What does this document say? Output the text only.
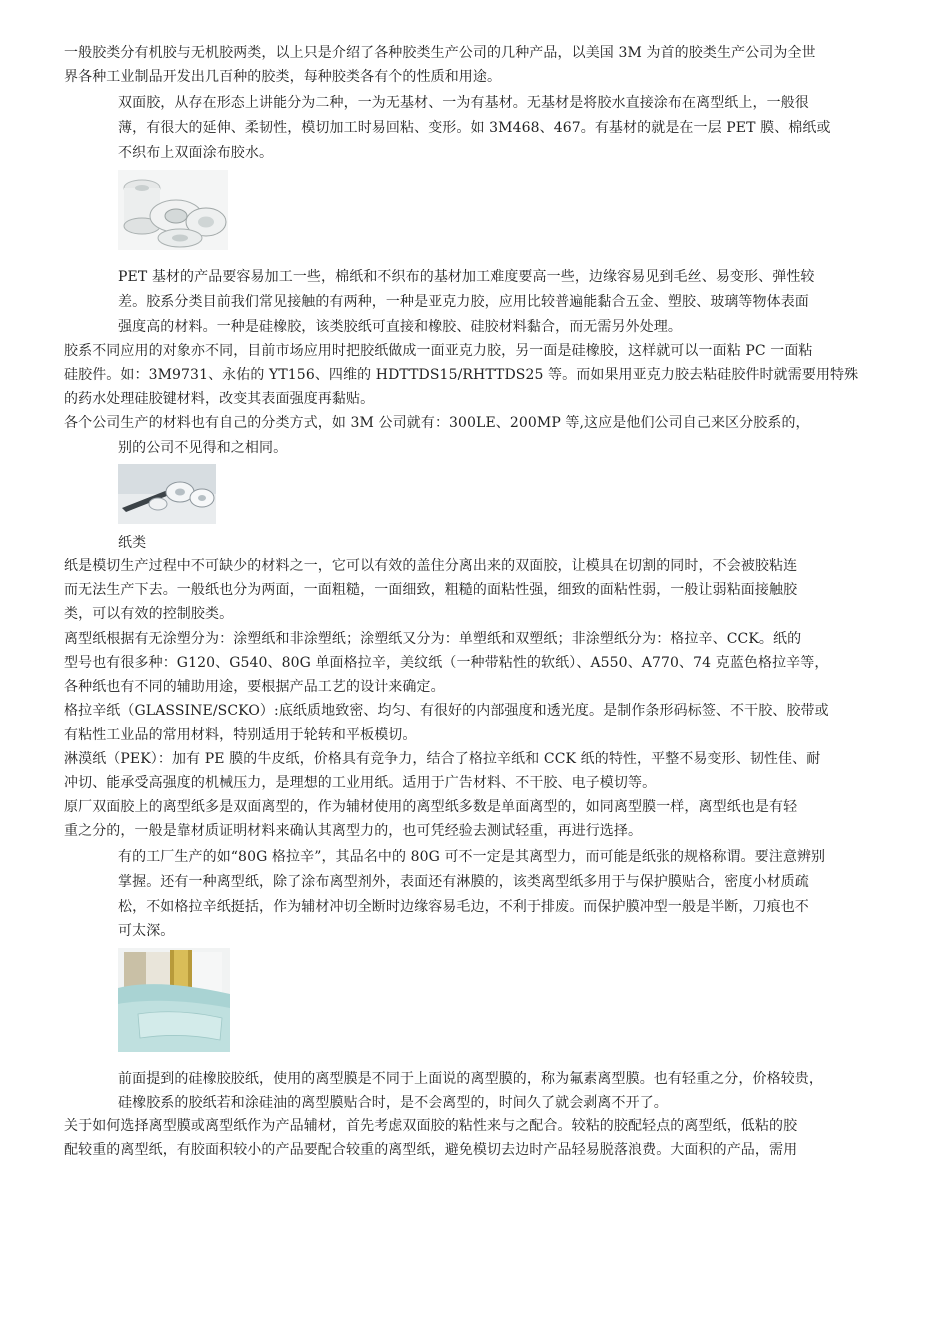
一般胶类分有机胶与无机胶两类，以上只是介绍了各种胶类生产公司的几种产品，以美国 3M 为首的胶类生产公司为全世
界各种工业制品开发出几百种的胶类，每种胶类各有个的性质和用途。
双面胶，从存在形态上讲能分为二种，一为无基材、一为有基材。无基材是将胶水直接涂布在离型纸上，一般很
薄，有很大的延伸、柔韧性，模切加工时易回粘、变形。如 3M468、467。有基材的就是在一层 PET 膜、棉纸或
不织布上双面涂布胶水。
PET 基材的产品要容易加工一些，棉纸和不织布的基材加工难度要高一些，边缘容易见到毛丝、易变形、弹性较
差。胶系分类目前我们常见接触的有两种，一种是亚克力胶，应用比较普遍能黏合五金、塑胶、玻璃等物体表面
强度高的材料。一种是硅橡胶，该类胶纸可直接和橡胶、硅胶材料黏合，而无需另外处理。
胶系不同应用的对象亦不同，目前市场应用时把胶纸做成一面亚克力胶，另一面是硅橡胶，这样就可以一面粘 PC 一面粘
硅胶件。如：3M9731、永佑的 YT156、四维的 HDTTDS15/RHTTDS25 等。而如果用亚克力胶去粘硅胶件时就需要用特殊
的药水处理硅胶键材料，改变其表面强度再黏贴。
各个公司生产的材料也有自己的分类方式，如 3M 公司就有：300LE、200MP 等,这应是他们公司自己来区分胶系的，
别的公司不见得和之相同。
纸类
纸是模切生产过程中不可缺少的材料之一，它可以有效的盖住分离出来的双面胶，让模具在切割的同时，不会被胶粘连
而无法生产下去。一般纸也分为两面，一面粗糙，一面细致，粗糙的面粘性强，细致的面粘性弱，一般让弱粘面接触胶
类，可以有效的控制胶类。
离型纸根据有无涂塑分为：涂塑纸和非涂塑纸；涂塑纸又分为：单塑纸和双塑纸；非涂塑纸分为：格拉辛、CCK。纸的
型号也有很多种：G120、G540、80G 单面格拉辛，美纹纸（一种带粘性的软纸）、A550、A770、74 克蓝色格拉辛等，
各种纸也有不同的辅助用途，要根据产品工艺的设计来确定。
格拉辛纸（GLASSINE/SCKO）:底纸质地致密、均匀、有很好的内部强度和透光度。是制作条形码标签、不干胶、胶带或
有粘性工业品的常用材料，特别适用于轮转和平板模切。
淋漠纸（PEK）：加有 PE 膜的牛皮纸，价格具有竞争力，结合了格拉辛纸和 CCK 纸的特性，平整不易变形、韧性佳、耐
冲切、能承受高强度的机械压力，是理想的工业用纸。适用于广告材料、不干胶、电子模切等。
原厂双面胶上的离型纸多是双面离型的，作为辅材使用的离型纸多数是单面离型的，如同离型膜一样，离型纸也是有轻
重之分的，一般是靠材质证明材料来确认其离型力的，也可凭经验去测试轻重，再进行选择。
有的工厂生产的如“80G 格拉辛”，其品名中的 80G 可不一定是其离型力，而可能是纸张的规格称谓。要注意辨别
掌握。还有一种离型纸，除了涂布离型剂外，表面还有淋膜的，该类离型纸多用于与保护膜贴合，密度小材质疏
松，不如格拉辛纸挺括，作为辅材冲切全断时边缘容易毛边，不利于排废。而保护膜冲型一般是半断，刀痕也不
可太深。
前面提到的硅橡胶胶纸，使用的离型膜是不同于上面说的离型膜的，称为氟素离型膜。也有轻重之分，价格较贵，
硅橡胶系的胶纸若和涂硅油的离型膜贴合时，是不会离型的，时间久了就会剥离不开了。
关于如何选择离型膜或离型纸作为产品辅材，首先考虑双面胶的粘性来与之配合。较粘的胶配轻点的离型纸，低粘的胶
配较重的离型纸，有胶面积较小的产品要配合较重的离型纸，避免模切去边时产品轻易脱落浪费。大面积的产品，需用
